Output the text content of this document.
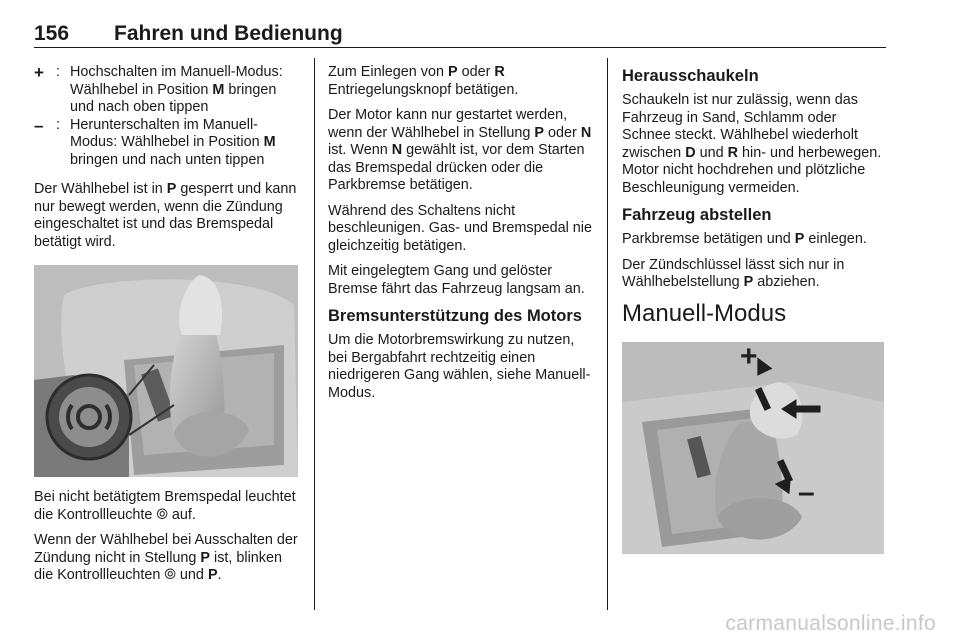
156 Fahren und Bedienung
+ : Hochschalten im Manuell-Modus: Wählhebel in Position M bringen und nach oben tippen
– : Herunterschalten im Manuell-Modus: Wählhebel in Position M bringen und nach unten tippen

Der Wählhebel ist in P gesperrt und kann nur bewegt werden, wenn die Zündung eingeschaltet ist und das Bremspedal betätigt wird.

Bei nicht betätigtem Bremspedal leuchtet die Kontrollleuchte ⦾ auf.

Wenn der Wählhebel bei Ausschalten der Zündung nicht in Stellung P ist, blinken die Kontrollleuchten ⦾ und P.

Zum Einlegen von P oder R Entriegelungsknopf betätigen.

Der Motor kann nur gestartet werden, wenn der Wählhebel in Stellung P oder N ist. Wenn N gewählt ist, vor dem Starten das Bremspedal drücken oder die Parkbremse betätigen.

Während des Schaltens nicht beschleunigen. Gas- und Bremspedal nie gleichzeitig betätigen.

Mit eingelegtem Gang und gelöster Bremse fährt das Fahrzeug langsam an.

Bremsunterstützung des Motors

Um die Motorbremswirkung zu nutzen, bei Bergabfahrt rechtzeitig einen niedrigeren Gang wählen, siehe Manuell-Modus.

Herausschaukeln

Schaukeln ist nur zulässig, wenn das Fahrzeug in Sand, Schlamm oder Schnee steckt. Wählhebel wiederholt zwischen D und R hin- und herbewegen. Motor nicht hochdrehen und plötzliche Beschleunigung vermeiden.

Fahrzeug abstellen

Parkbremse betätigen und P einlegen.

Der Zündschlüssel lässt sich nur in Wählhebelstellung P abziehen.

Manuell-Modus
+
–
carmanualsonline.info
